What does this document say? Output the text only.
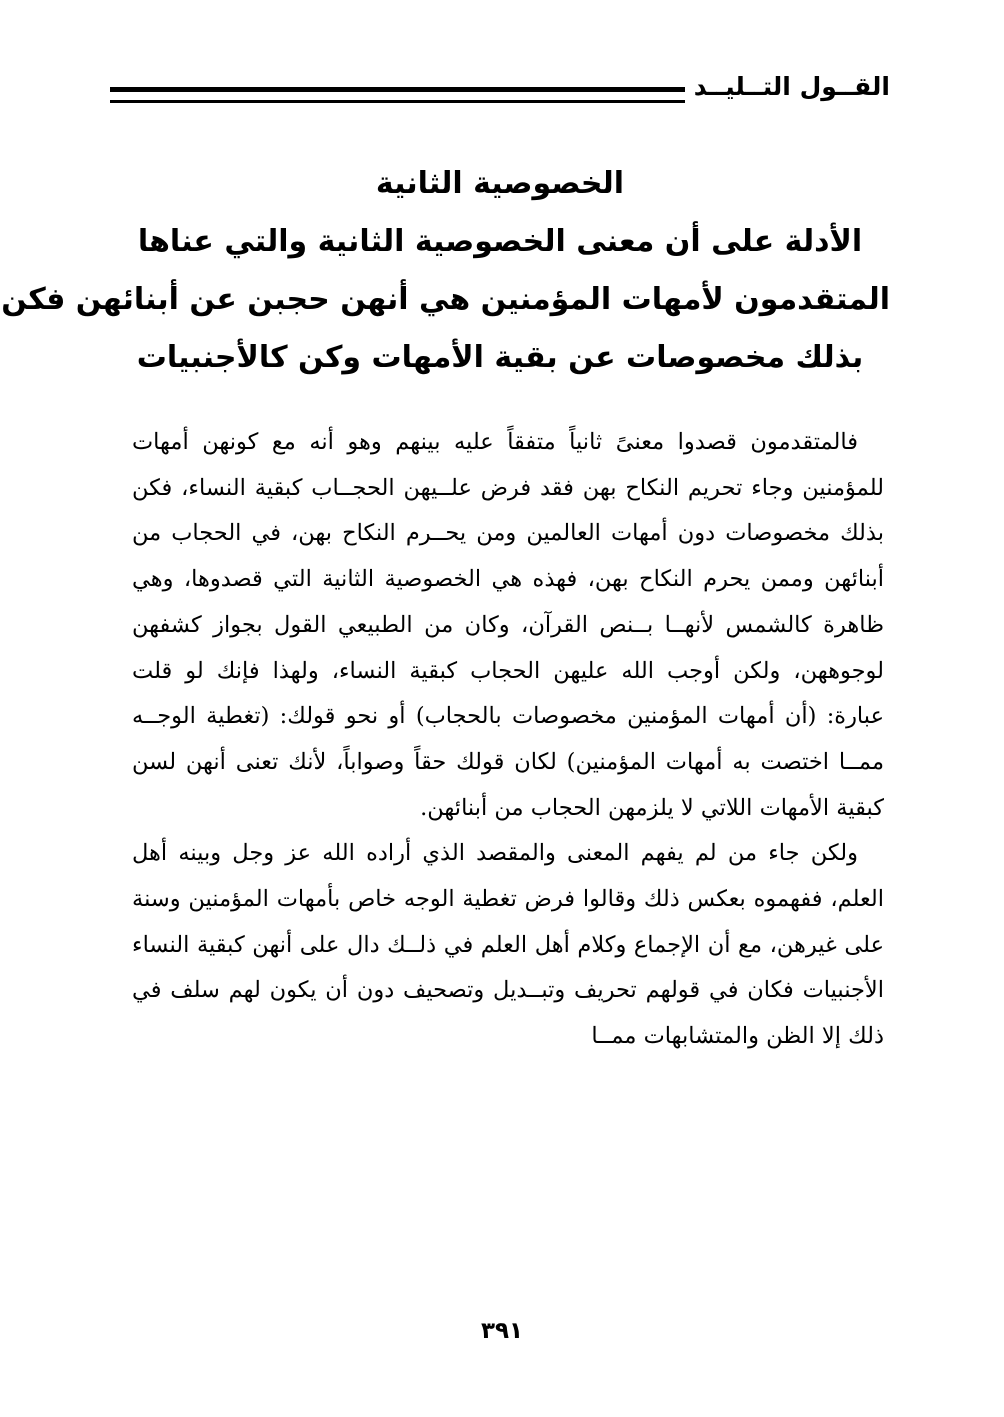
القــول التــليــد
الخصوصية الثانية
الأدلة على أن معنى الخصوصية الثانية والتي عناها
المتقدمون لأمهات المؤمنين هي أنهن حجبن عن أبنائهن فكن
بذلك مخصوصات عن بقية الأمهات وكن كالأجنبيات

فالمتقدمون قصدوا معنىً ثانياً متفقاً عليه بينهم وهو أنه مع كونهن أمهات للمؤمنين وجاء تحريم النكاح بهن فقد فرض علــيهن الحجــاب كبقية النساء، فكن بذلك مخصوصات دون أمهات العالمين ومن يحــرم النكاح بهن، في الحجاب من أبنائهن وممن يحرم النكاح بهن، فهذه هي الخصوصية الثانية التي قصدوها، وهي ظاهرة كالشمس لأنهــا بــنص القرآن، وكان من الطبيعي القول بجواز كشفهن لوجوههن، ولكن أوجب الله عليهن الحجاب كبقية النساء، ولهذا فإنك لو قلت عبارة: (أن أمهات المؤمنين مخصوصات بالحجاب) أو نحو قولك: (تغطية الوجــه ممــا اختصت به أمهات المؤمنين) لكان قولك حقاً وصواباً، لأنك تعنى أنهن لسن كبقية الأمهات اللاتي لا يلزمهن الحجاب من أبنائهن.

ولكن جاء من لم يفهم المعنى والمقصد الذي أراده الله عز وجل وبينه أهل العلم، ففهموه بعكس ذلك وقالوا فرض تغطية الوجه خاص بأمهات المؤمنين وسنة على غيرهن، مع أن الإجماع وكلام أهل العلم في ذلــك دال على أنهن كبقية النساء الأجنبيات فكان في قولهم تحريف وتبــديل وتصحيف دون أن يكون لهم سلف في ذلك إلا الظن والمتشابهات ممــا

٣٩١
